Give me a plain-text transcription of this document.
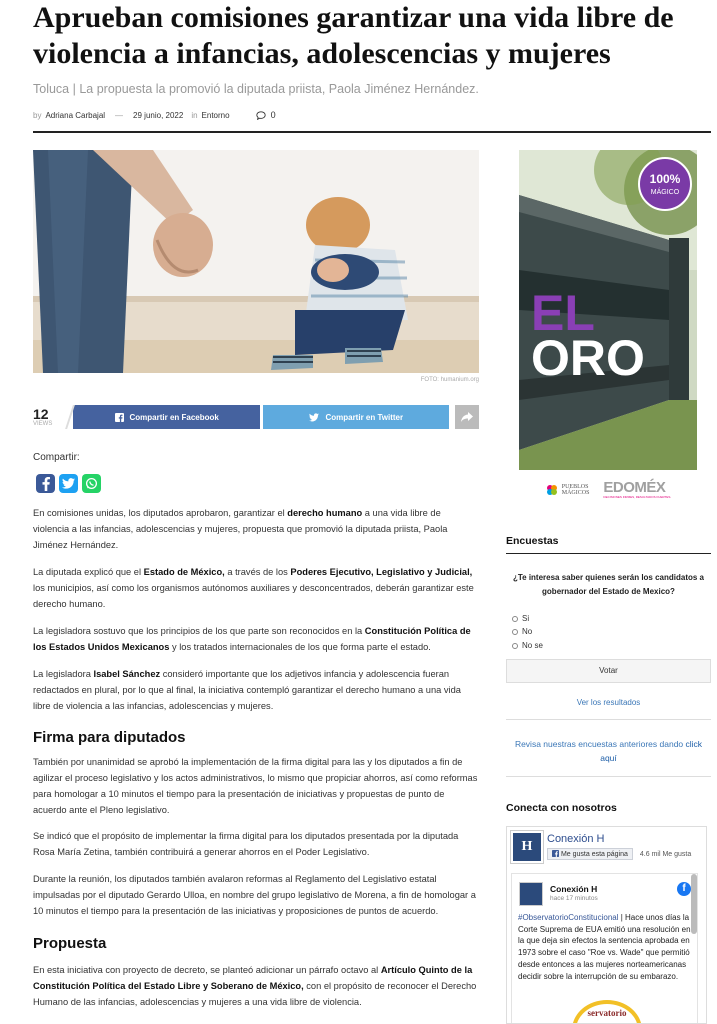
Aprueban comisiones garantizar una vida libre de violencia a infancias, adolescencias y mujeres
Toluca | La propuesta la promovió la diputada priista, Paola Jiménez Hernández.
by Adriana Carbajal — 29 junio, 2022 in Entorno	0
FOTO: humanium.org
12
VIEWS
Compartir en Facebook	Compartir en Twitter
Compartir:

En comisiones unidas, los diputados aprobaron, garantizar el derecho humano a una vida libre de violencia a las infancias, adolescencias y mujeres, propuesta que promovió la diputada priista, Paola Jiménez Hernández.

La diputada explicó que el Estado de México, a través de los Poderes Ejecutivo, Legislativo y Judicial, los municipios, así como los organismos autónomos auxiliares y desconcentrados, deberán garantizar este derecho humano.

La legisladora sostuvo que los principios de los que parte son reconocidos en la Constitución Política de los Estados Unidos Mexicanos y los tratados internacionales de los que forma parte el estado.

La legisladora Isabel Sánchez consideró importante que los adjetivos infancia y adolescencia fueran redactados en plural, por lo que al final, la iniciativa contempló garantizar el derecho humano a una vida libre de violencia a las infancias, adolescencias y mujeres.

Firma para diputados

También por unanimidad se aprobó la implementación de la firma digital para las y los diputados a fin de agilizar el proceso legislativo y los actos administrativos, lo mismo que propiciar ahorros, así como reformas para homologar a 10 minutos el tiempo para la presentación de iniciativas y propuestas de punto de acuerdo ante el Pleno legislativo.

Se indicó que el propósito de implementar la firma digital para los diputados presentada por la diputada Rosa María Zetina, también contribuirá a generar ahorros en el Poder Legislativo.

Durante la reunión, los diputados también avalaron reformas al Reglamento del Legislativo estatal impulsadas por el diputado Gerardo Ulloa, en nombre del grupo legislativo de Morena, a fin de homologar a 10 minutos el tiempo para la presentación de las iniciativas y proposiciones de puntos de acuerdo.

Propuesta

En esta iniciativa con proyecto de decreto, se planteó adicionar un párrafo octavo al Artículo Quinto de la Constitución Política del Estado Libre y Soberano de México, con el propósito de reconocer el Derecho Humano de las infancias, adolescencias y mujeres a una vida libre de violencia.

100%
MÁGICO
EL
ORO
PUEBLOS
MÁGICOS EDOMÉX
DECISIONES FIRMES, RESULTADOS FUERTES.
Encuestas
¿Te interesa saber quienes serán los candidatos a gobernador del Estado de Mexico?
Si
No
No se
Votar
Ver los resultados
Revisa nuestras encuestas anteriores dando click aquí
Conecta con nosotros
H	Conexión H
Me gusta esta página	4.6 mil Me gusta
Conexión H
hace 17 minutos
f
#ObservatorioConstitucional | Hace unos días la Corte Suprema de EUA emitió una resolución en la que deja sin efectos la sentencia aprobada en 1973 sobre el caso "Roe vs. Wade" que permitió desde entonces a las mujeres norteamericanas decidir sobre la interrupción de su embarazo.
servatorio
